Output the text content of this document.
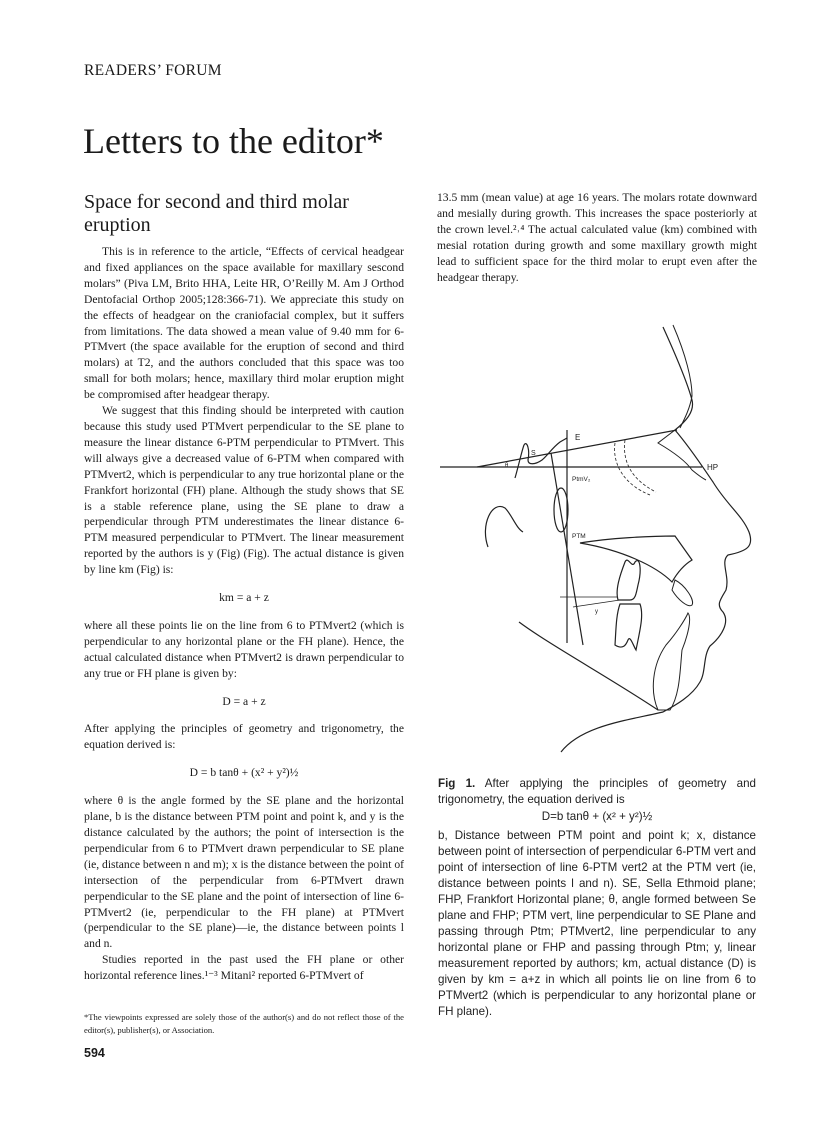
READERS’ FORUM
Letters to the editor*
Space for second and third molar eruption

This is in reference to the article, “Effects of cervical headgear and fixed appliances on the space available for maxillary sescond molars” (Piva LM, Brito HHA, Leite HR, O’Reilly M. Am J Orthod Dentofacial Orthop 2005;128:366-71). We appreciate this study on the effects of headgear on the craniofacial complex, but it suffers from limitations. The data showed a mean value of 9.40 mm for 6-PTMvert (the space available for the eruption of second and third molars) at T2, and the authors concluded that this space was too small for both molars; hence, maxillary third molar eruption might be compromised after headgear therapy.

We suggest that this finding should be interpreted with caution because this study used PTMvert perpendicular to the SE plane to measure the linear distance 6-PTM perpendicular to PTMvert. This will always give a decreased value of 6-PTM when compared with PTMvert2, which is perpendicular to any true horizontal plane or the Frankfort horizontal (FH) plane. Although the study shows that SE is a stable reference plane, using the SE plane to draw a perpendicular through PTM underestimates the linear distance 6-PTM measured perpendicular to PTMvert. The linear measurement reported by the authors is y (Fig) (Fig). The actual distance is given by line km (Fig) is:

km = a + z

where all these points lie on the line from 6 to PTMvert2 (which is perpendicular to any horizontal plane or the FH plane). Hence, the actual calculated distance when PTMvert2 is drawn perpendicular to any true or FH plane is given by:

D = a + z

After applying the principles of geometry and trigonometry, the equation derived is:

D = b tanθ + (x² + y²)½

where θ is the angle formed by the SE plane and the horizontal plane, b is the distance between PTM point and point k, and y is the distance calculated by the authors; the point of intersection is the perpendicular from 6 to PTMvert drawn perpendicular to SE plane (ie, distance between n and m); x is the distance between the point of intersection of the perpendicular from 6-PTMvert drawn perpendicular to the SE plane and the point of intersection of line 6-PTMvert2 (ie, perpendicular to the FH plane) at PTMvert (perpendicular to the SE plane)—ie, the distance between points l and n.

Studies reported in the past used the FH plane or other horizontal reference lines.¹⁻³ Mitani² reported 6-PTMvert of

13.5 mm (mean value) at age 16 years. The molars rotate downward and mesially during growth. This increases the space posteriorly at the crown level.²˒⁴ The actual calculated value (km) combined with mesial rotation during growth and some maxillary growth might lead to sufficient space for the third molar to erupt even after the headgear therapy.

E
HP
PtmV₂
PTM
S
θ
y
Fig 1. After applying the principles of geometry and trigonometry, the equation derived is
D=b tanθ + (x² + y²)½
b, Distance between PTM point and point k; x, distance between point of intersection of perpendicular 6-PTM vert and point of intersection of line 6-PTM vert2 at the PTM vert (ie, distance between points l and n). SE, Sella Ethmoid plane; FHP, Frankfort Horizontal plane; θ, angle formed between Se plane and FHP; PTM vert, line perpendicular to SE Plane and passing through Ptm; PTMvert2, line perpendicular to any horizontal plane or FHP and passing through Ptm; y, linear measurement reported by authors; km, actual distance (D) is given by km = a+z in which all points lie on line from 6 to PTMvert2 (which is perpendicular to any horizontal plane or FH plane).
*The viewpoints expressed are solely those of the author(s) and do not reflect those of the editor(s), publisher(s), or Association.
594
